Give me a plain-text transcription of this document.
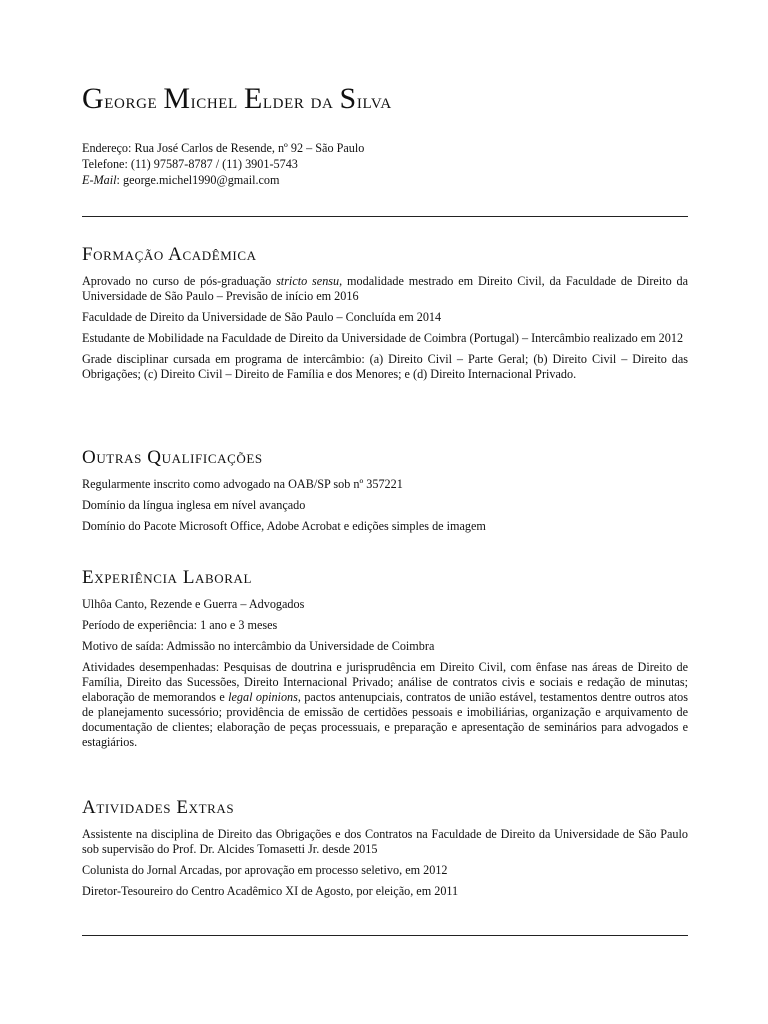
George Michel Elder da Silva
Endereço: Rua José Carlos de Resende, nº 92 – São Paulo
Telefone: (11) 97587-8787 / (11) 3901-5743
E-Mail: george.michel1990@gmail.com
Formação Acadêmica

Aprovado no curso de pós-graduação stricto sensu, modalidade mestrado em Direito Civil, da Faculdade de Direito da Universidade de São Paulo – Previsão de início em 2016

Faculdade de Direito da Universidade de São Paulo – Concluída em 2014

Estudante de Mobilidade na Faculdade de Direito da Universidade de Coimbra (Portugal) – Intercâmbio realizado em 2012

Grade disciplinar cursada em programa de intercâmbio: (a) Direito Civil – Parte Geral; (b) Direito Civil – Direito das Obrigações; (c) Direito Civil – Direito de Família e dos Menores; e (d) Direito Internacional Privado.

Outras Qualificações

Regularmente inscrito como advogado na OAB/SP sob nº 357221

Domínio da língua inglesa em nível avançado

Domínio do Pacote Microsoft Office, Adobe Acrobat e edições simples de imagem

Experiência Laboral

Ulhôa Canto, Rezende e Guerra – Advogados

Período de experiência: 1 ano e 3 meses

Motivo de saída: Admissão no intercâmbio da Universidade de Coimbra

Atividades desempenhadas: Pesquisas de doutrina e jurisprudência em Direito Civil, com ênfase nas áreas de Direito de Família, Direito das Sucessões, Direito Internacional Privado; análise de contratos civis e sociais e redação de minutas; elaboração de memorandos e legal opinions, pactos antenupciais, contratos de união estável, testamentos dentre outros atos de planejamento sucessório; providência de emissão de certidões pessoais e imobiliárias, organização e arquivamento de documentação de clientes; elaboração de peças processuais, e preparação e apresentação de seminários para advogados e estagiários.

Atividades Extras

Assistente na disciplina de Direito das Obrigações e dos Contratos na Faculdade de Direito da Universidade de São Paulo sob supervisão do Prof. Dr. Alcides Tomasetti Jr. desde 2015

Colunista do Jornal Arcadas, por aprovação em processo seletivo, em 2012

Diretor-Tesoureiro do Centro Acadêmico XI de Agosto, por eleição, em 2011
